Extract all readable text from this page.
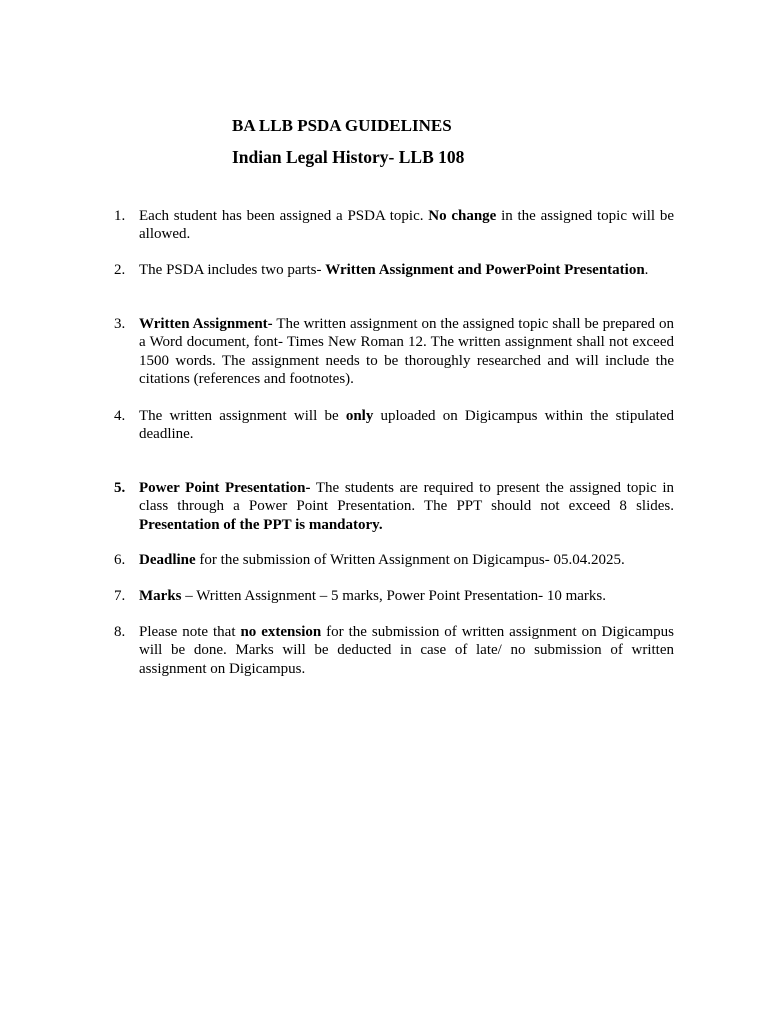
BA LLB PSDA GUIDELINES
Indian Legal History- LLB 108
1. Each student has been assigned a PSDA topic. No change in the assigned topic will be allowed.
2. The PSDA includes two parts- Written Assignment and PowerPoint Presentation.
3. Written Assignment- The written assignment on the assigned topic shall be prepared on a Word document, font- Times New Roman 12. The written assignment shall not exceed 1500 words. The assignment needs to be thoroughly researched and will include the citations (references and footnotes).
4. The written assignment will be only uploaded on Digicampus within the stipulated deadline.
5. Power Point Presentation- The students are required to present the assigned topic in class through a Power Point Presentation. The PPT should not exceed 8 slides. Presentation of the PPT is mandatory.
6. Deadline for the submission of Written Assignment on Digicampus- 05.04.2025.
7. Marks – Written Assignment – 5 marks, Power Point Presentation- 10 marks.
8. Please note that no extension for the submission of written assignment on Digicampus will be done. Marks will be deducted in case of late/ no submission of written assignment on Digicampus.
